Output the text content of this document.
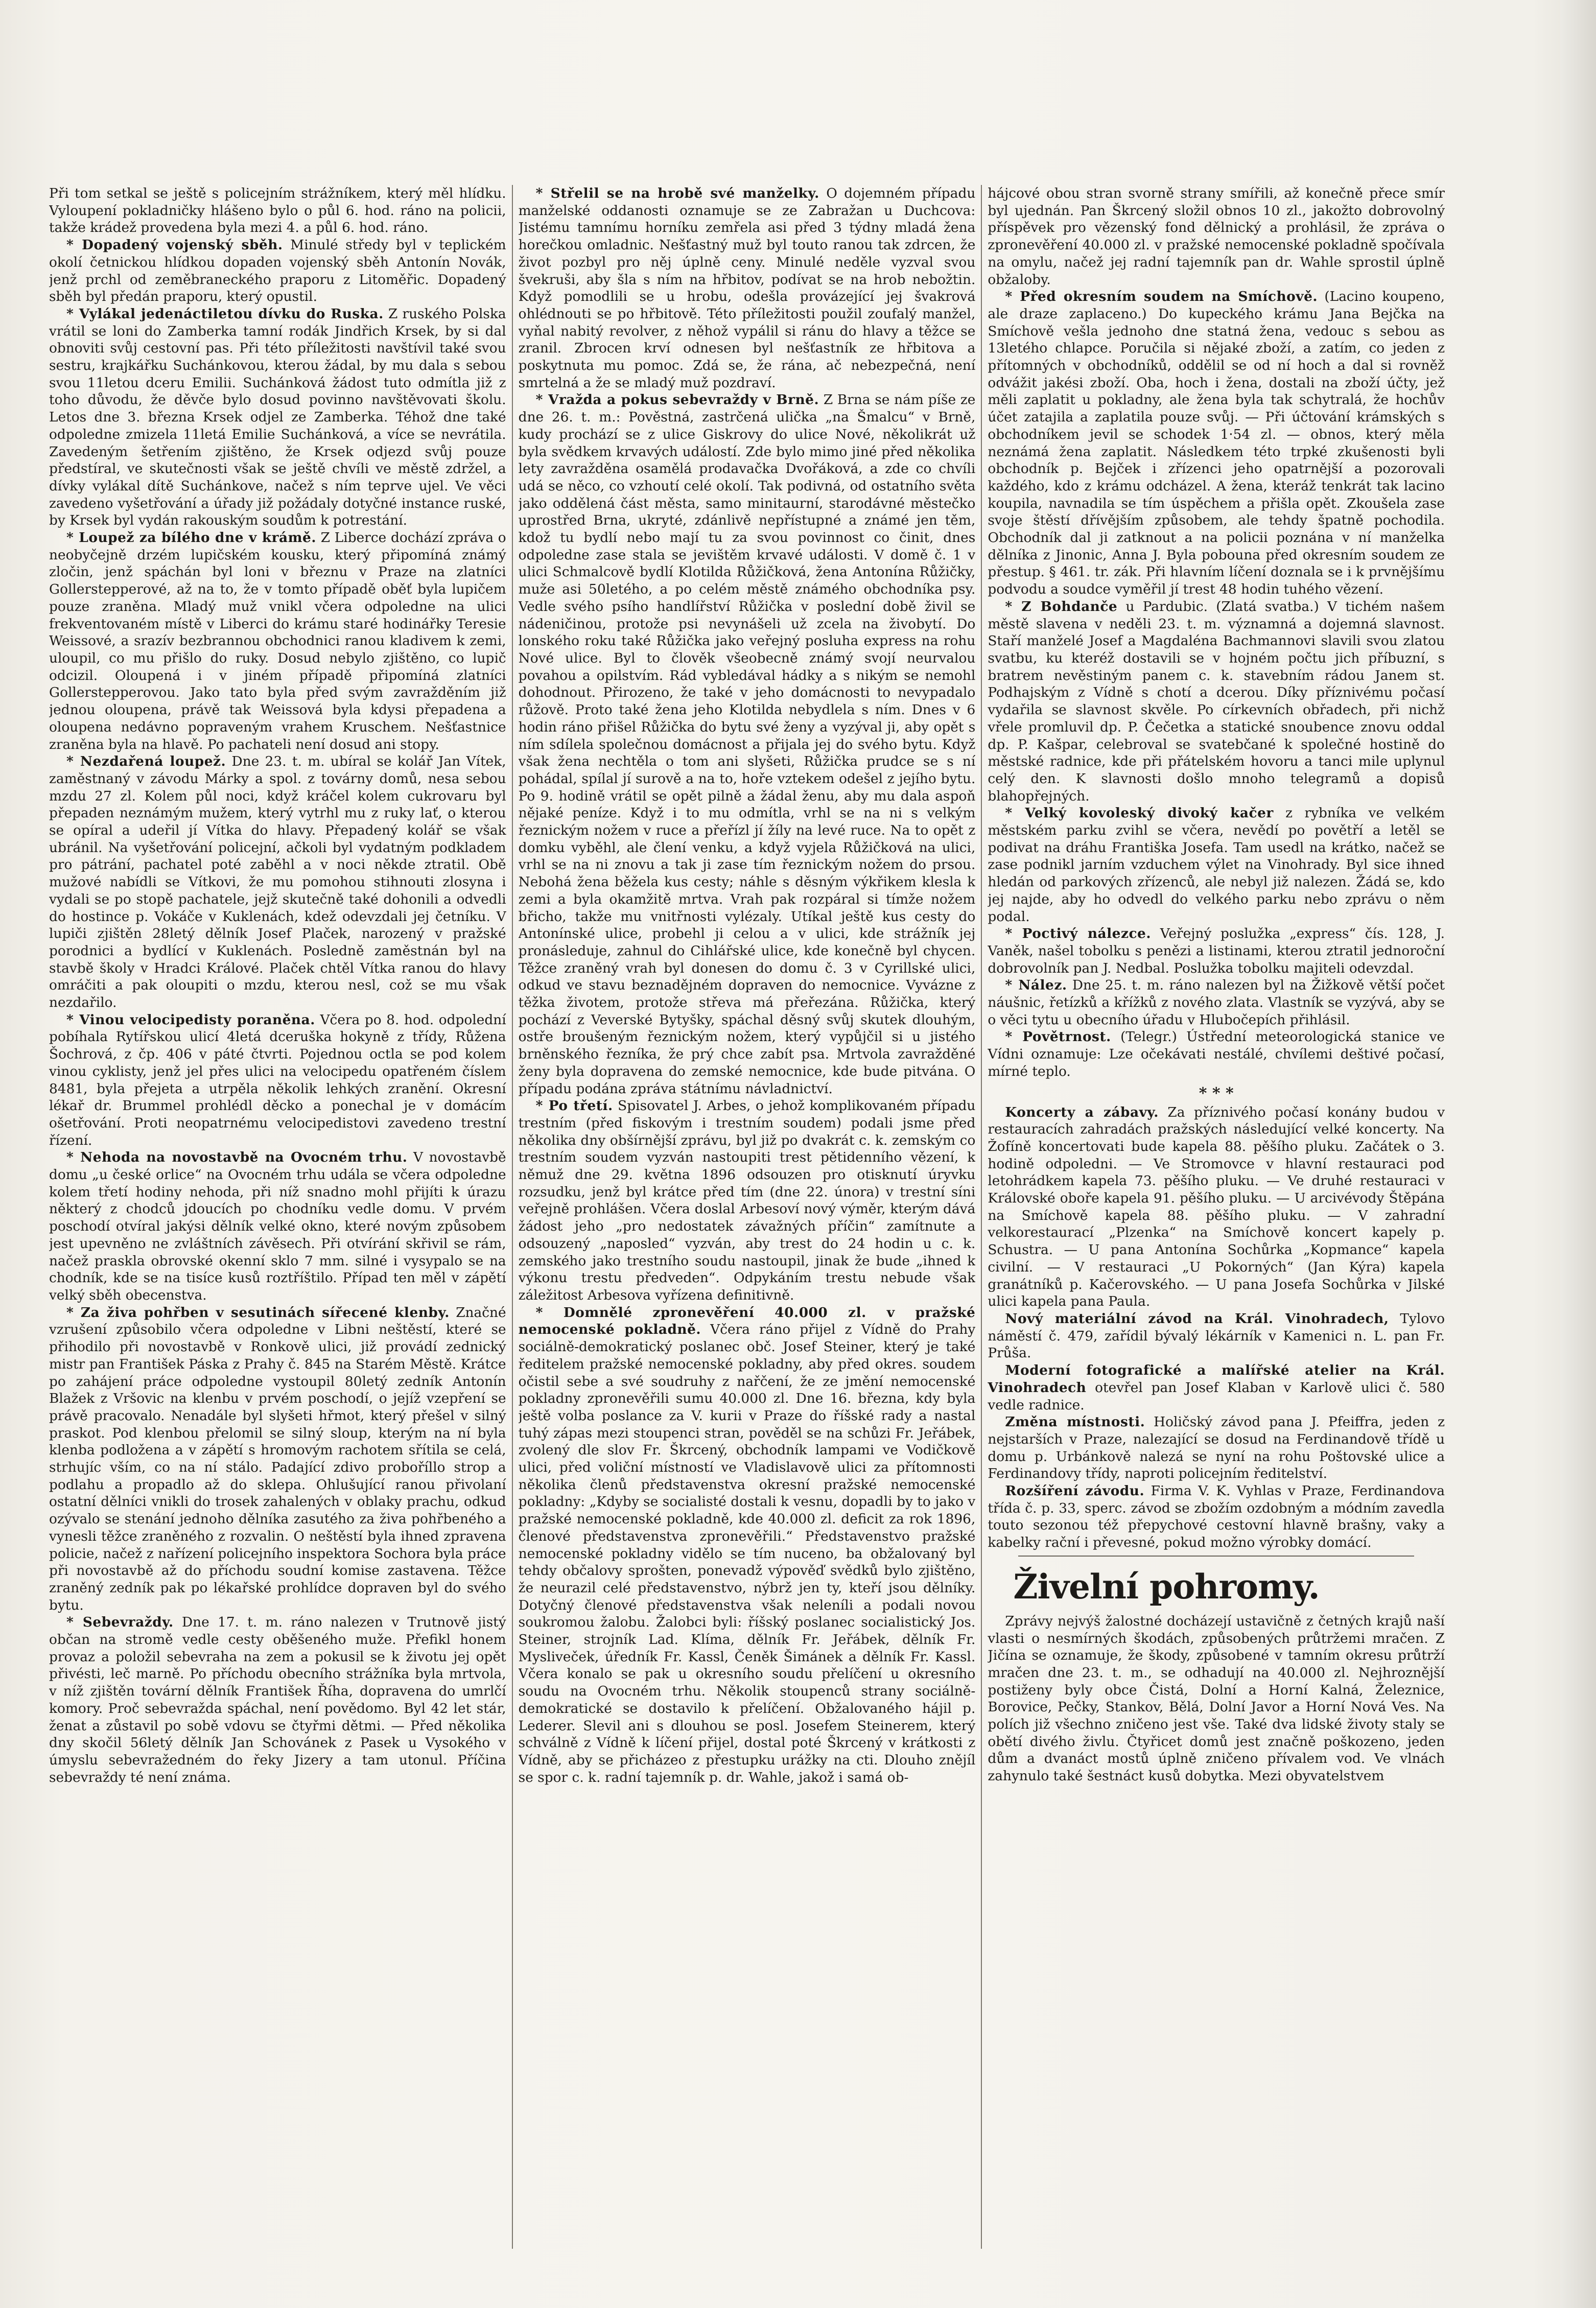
Při tom setkal se ještě s policejním strážníkem, který měl hlídku. Vyloupení pokladničky hlášeno bylo o půl 6. hod. ráno na policii, takže krádež provedena byla mezi 4. a půl 6. hod. ráno.

* Dopadený vojenský sběh. Minulé středy byl v teplickém okolí četnickou hlídkou dopaden vojenský sběh Antonín Novák, jenž prchl od zeměbraneckého praporu z Litoměřic. Dopadený sběh byl předán praporu, který opustil.

* Vylákal jedenáctiletou dívku do Ruska. Z ruského Polska vrátil se loni do Zamberka tamní rodák Jindřich Krsek, by si dal obnoviti svůj cestovní pas. Při této příležitosti navštívil také svou sestru, krajkářku Suchánkovou, kterou žádal, by mu dala s sebou svou 11letou dceru Emilii. Suchánková žádost tuto odmítla již z toho důvodu, že děvče bylo dosud povinno navštěvovati školu. Letos dne 3. března Krsek odjel ze Zamberka. Téhož dne také odpoledne zmizela 11letá Emilie Suchánková, a více se nevrátila. Zavedeným šetřením zjištěno, že Krsek odjezd svůj pouze předstíral, ve skutečnosti však se ještě chvíli ve městě zdržel, a dívky vylákal dítě Suchánkove, načež s ním teprve ujel. Ve věci zavedeno vyšetřování a úřady již požádaly dotyčné instance ruské, by Krsek byl vydán rakouským soudům k potrestání.

* Loupež za bílého dne v krámě. Z Liberce dochází zpráva o neobyčejně drzém lupičském kousku, který připomíná známý zločin, jenž spáchán byl loni v březnu v Praze na zlatníci Gollerstepperové, až na to, že v tomto případě oběť byla lupičem pouze zraněna. Mladý muž vnikl včera odpoledne na ulici frekventovaném místě v Liberci do krámu staré hodinářky Teresie Weissové, a srazív bezbrannou obchodnici ranou kladivem k zemi, uloupil, co mu přišlo do ruky. Dosud nebylo zjištěno, co lupič odcizil. Oloupená i v jiném případě připomíná zlatníci Gollerstepperovou. Jako tato byla před svým zavražděním již jednou oloupena, právě tak Weissová byla kdysi přepadena a oloupena nedávno popraveným vrahem Kruschem. Nešťastnice zraněna byla na hlavě. Po pachateli není dosud ani stopy.

* Nezdařená loupež. Dne 23. t. m. ubíral se kolář Jan Vítek, zaměstnaný v závodu Márky a spol. z továrny domů, nesa sebou mzdu 27 zl. Kolem půl noci, když kráčel kolem cukrovaru byl přepaden neznámým mužem, který vytrhl mu z ruky lať, o kterou se opíral a udeřil jí Vítka do hlavy. Přepadený kolář se však ubránil. Na vyšetřování policejní, ačkoli byl vydatným podkladem pro pátrání, pachatel poté zaběhl a v noci někde ztratil. Obě mužové nabídli se Vítkovi, že mu pomohou stihnouti zlosyna i vydali se po stopě pachatele, jejž skutečně také dohonili a odvedli do hostince p. Vokáče v Kuklenách, kdež odevzdali jej četníku. V lupiči zjištěn 28letý dělník Josef Plaček, narozený v pražské porodnici a bydlící v Kuklenách. Posledně zaměstnán byl na stavbě školy v Hradci Králové. Plaček chtěl Vítka ranou do hlavy omráčiti a pak oloupiti o mzdu, kterou nesl, což se mu však nezdařilo.

* Vinou velocipedisty poraněna. Včera po 8. hod. odpolední pobíhala Rytířskou ulicí 4letá dceruška hokyně z třídy, Růžena Šochrová, z čp. 406 v páté čtvrti. Pojednou octla se pod kolem vinou cyklisty, jenž jel přes ulici na velocipedu opatřeném číslem 8481, byla přejeta a utrpěla několik lehkých zranění. Okresní lékař dr. Brummel prohlédl děcko a ponechal je v domácím ošetřování. Proti neopatrnému velocipedistovi zavedeno trestní řízení.

* Nehoda na novostavbě na Ovocném trhu. V novostavbě domu „u české orlice“ na Ovocném trhu udála se včera odpoledne kolem třetí hodiny nehoda, při níž snadno mohl přijíti k úrazu některý z chodců jdoucích po chodníku vedle domu. V prvém poschodí otvíral jakýsi dělník velké okno, které novým způsobem jest upevněno ne zvláštních závěsech. Při otvírání skřivil se rám, načež praskla obrovské okenní sklo 7 mm. silné i vysypalo se na chodník, kde se na tisíce kusů roztříštilo. Případ ten měl v zápětí velký sběh obecenstva.

* Za živa pohřben v sesutinách sířecené klenby. Značné vzrušení způsobilo včera odpoledne v Libni neštěstí, které se přihodilo při novostavbě v Ronkově ulici, již provádí zednický mistr pan František Páska z Prahy č. 845 na Starém Městě. Krátce po zahájení práce odpoledne vystoupil 80letý zedník Antonín Blažek z Vršovic na klenbu v prvém poschodí, o jejíž vzepření se právě pracovalo. Nenadále byl slyšeti hřmot, který přešel v silný praskot. Pod klenbou přelomil se silný sloup, kterým na ní byla klenba podložena a v zápětí s hromovým rachotem sřítila se celá, strhujíc vším, co na ní stálo. Padající zdivo proboříllo strop a podlahu a propadlo až do sklepa. Ohlušující ranou přivolaní ostatní dělníci vnikli do trosek zahalených v oblaky prachu, odkud ozývalo se stenání jednoho dělníka zasutého za živa pohřbeného a vynesli těžce zraněného z rozvalin. O neštěstí byla ihned zpravena policie, načež z nařízení policejního inspektora Sochora byla práce při novostavbě až do příchodu soudní komise zastavena. Těžce zraněný zedník pak po lékařské prohlídce dopraven byl do svého bytu.

* Sebevraždy. Dne 17. t. m. ráno nalezen v Trutnově jistý občan na stromě vedle cesty oběšeného muže. Přefikl honem provaz a položil sebevraha na zem a pokusil se k životu jej opět přivésti, leč marně. Po příchodu obecního strážníka byla mrtvola, v níž zjištěn tovární dělník František Říha, dopravena do umrlčí komory. Proč sebevražda spáchal, není povědomo. Byl 42 let stár, ženat a zůstavil po sobě vdovu se čtyřmi dětmi. — Před několika dny skočil 56letý dělník Jan Schovánek z Pasek u Vysokého v úmyslu sebevražedném do řeky Jizery a tam utonul. Příčina sebevraždy té není známa.

* Střelil se na hrobě své manželky. O dojemném případu manželské oddanosti oznamuje se ze Zabražan u Duchcova: Jistému tamnímu horníku zemřela asi před 3 týdny mladá žena horečkou omladnic. Nešťastný muž byl touto ranou tak zdrcen, že život pozbyl pro něj úplně ceny. Minulé neděle vyzval svou švekruši, aby šla s ním na hřbitov, podívat se na hrob nebožtin. Když pomodlili se u hrobu, odešla provázející jej švakrová ohlédnouti se po hřbitově. Této příležitosti použil zoufalý manžel, vyňal nabitý revolver, z něhož vypálil si ránu do hlavy a těžce se zranil. Zbrocen krví odnesen byl nešťastník ze hřbitova a poskytnuta mu pomoc. Zdá se, že rána, ač nebezpečná, není smrtelná a že se mladý muž pozdraví.

* Vražda a pokus sebevraždy v Brně. Z Brna se nám píše ze dne 26. t. m.: Pověstná, zastrčená ulička „na Šmalcu“ v Brně, kudy prochází se z ulice Giskrovy do ulice Nové, několikrát už byla svědkem krvavých událostí. Zde bylo mimo jiné před několika lety zavražděna osamělá prodavačka Dvořáková, a zde co chvíli udá se něco, co vzhoutí celé okolí. Tak podivná, od ostatního světa jako oddělená část města, samo minitaurní, starodávné městečko uprostřed Brna, ukryté, zdánlivě nepřístupné a známé jen těm, kdož tu bydlí nebo mají tu za svou povinnost co činit, dnes odpoledne zase stala se jevištěm krvavé události. V domě č. 1 v ulici Schmalcově bydlí Klotilda Růžičková, žena Antonína Růžičky, muže asi 50letého, a po celém městě známého obchodníka psy. Vedle svého psího handlířství Růžička v poslední době živil se nádeničinou, protože psi nevynášeli už zcela na živobytí. Do lonského roku také Růžička jako veřejný posluha express na rohu Nové ulice. Byl to člověk všeobecně známý svojí neurvalou povahou a opilstvím. Rád vybledával hádky a s nikým se nemohl dohodnout. Přirozeno, že také v jeho domácnosti to nevypadalo růžově. Proto také žena jeho Klotilda nebydlela s ním. Dnes v 6 hodin ráno přišel Růžička do bytu své ženy a vyzýval ji, aby opět s ním sdílela společnou domácnost a přijala jej do svého bytu. Když však žena nechtěla o tom ani slyšeti, Růžička prudce se s ní pohádal, spílal jí surově a na to, hoře vztekem odešel z jejího bytu. Po 9. hodině vrátil se opět pilně a žádal ženu, aby mu dala aspoň nějaké peníze. Když i to mu odmítla, vrhl se na ni s velkým řeznickým nožem v ruce a přeřízl jí žíly na levé ruce. Na to opět z domku vyběhl, ale člení venku, a když vyjela Růžičková na ulici, vrhl se na ni znovu a tak ji zase tím řeznickým nožem do prsou. Nebohá žena běžela kus cesty; náhle s děsným výkřikem klesla k zemi a byla okamžitě mrtva. Vrah pak rozpáral si tímže nožem břicho, takže mu vnitřnosti vylézaly. Utíkal ještě kus cesty do Antonínské ulice, probehl ji celou a v ulici, kde strážník jej pronásleduje, zahnul do Cihlářské ulice, kde konečně byl chycen. Těžce zraněný vrah byl donesen do domu č. 3 v Cyrillské ulici, odkud ve stavu beznadějném dopraven do nemocnice. Vyvázne z těžka životem, protože střeva má přeřezána. Růžička, který pochází z Veverské Bytyšky, spáchal děsný svůj skutek dlouhým, ostře broušeným řeznickým nožem, který vypůjčil si u jistého brněnského řezníka, že prý chce zabít psa. Mrtvola zavražděné ženy byla dopravena do zemské nemocnice, kde bude pitvána. O případu podána zpráva státnímu návladnictví.

* Po třetí. Spisovatel J. Arbes, o jehož komplikovaném případu trestním (před fiskovým i trestním soudem) podali jsme před několika dny obšírnější zprávu, byl již po dvakrát c. k. zemským co trestním soudem vyzván nastoupiti trest pětidenního vězení, k němuž dne 29. května 1896 odsouzen pro otisknutí úryvku rozsudku, jenž byl krátce před tím (dne 22. února) v trestní síni veřejně prohlášen. Včera doslal Arbesoví nový výměr, kterým dává žádost jeho „pro nedostatek závažných příčin“ zamítnute a odsouzený „naposled“ vyzván, aby trest do 24 hodin u c. k. zemského jako trestního soudu nastoupil, jinak že bude „ihned k výkonu trestu předveden“. Odpykáním trestu nebude však záležitost Arbesova vyřízena definitivně.

* Domnělé zpronevěření 40.000 zl. v pražské nemocenské pokladně. Včera ráno přijel z Vídně do Prahy sociálně-demokratický poslanec obč. Josef Steiner, který je také ředitelem pražské nemocenské pokladny, aby před okres. soudem očistil sebe a své soudruhy z nařčení, že ze jmění nemocenské pokladny zpronevěřili sumu 40.000 zl. Dne 16. března, kdy byla ještě volba poslance za V. kurii v Praze do říšské rady a nastal tuhý zápas mezi stoupenci stran, pověděl se na schůzi Fr. Jeřábek, zvolený dle slov Fr. Škrcený, obchodník lampami ve Vodičkově ulici, před voliční místností ve Vladislavově ulici za přítomnosti několika členů představenstva okresní pražské nemocenské pokladny: „Kdyby se socialisté dostali k vesnu, dopadli by to jako v pražské nemocenské pokladně, kde 40.000 zl. deficit za rok 1896, členové představenstva zpronevěřili.“ Představenstvo pražské nemocenské pokladny vidělo se tím nuceno, ba obžalovaný byl tehdy občalovy sprošten, ponevadž výpověď svědků bylo zjištěno, že neurazil celé představenstvo, nýbrž jen ty, kteří jsou dělníky. Dotyčný členové představenstva však neleníli a podali novou soukromou žalobu. Žalobci byli: říšský poslanec socialistický Jos. Steiner, strojník Lad. Klíma, dělník Fr. Jeřábek, dělník Fr. Mysliveček, úředník Fr. Kassl, Čeněk Šimánek a dělník Fr. Kassl. Včera konalo se pak u okresního soudu přelíčení u okresního soudu na Ovocném trhu. Několik stoupenců strany sociálně-demokratické se dostavilo k přelíčení. Obžalovaného hájil p. Lederer. Slevil ani s dlouhou se posl. Josefem Steinerem, který schválně z Vídně k líčení přijel, dostal poté Škrcený v krátkosti z Vídně, aby se přicházeo z přestupku urážky na cti. Dlouho znějíl se spor c. k. radní tajemník p. dr. Wahle, jakož i samá ob-

hájcové obou stran svorně strany smířili, až konečně přece smír byl ujednán. Pan Škrcený složil obnos 10 zl., jakožto dobrovolný příspěvek pro vězenský fond dělnický a prohlásil, že zpráva o zpronevěření 40.000 zl. v pražské nemocenské pokladně spočívala na omylu, načež jej radní tajemník pan dr. Wahle sprostil úplně obžaloby.

* Před okresním soudem na Smíchově. (Lacino koupeno, ale draze zaplaceno.) Do kupeckého krámu Jana Bejčka na Smíchově vešla jednoho dne statná žena, vedouc s sebou as 13letého chlapce. Poručila si nějaké zboží, a zatím, co jeden z přítomných v obchodníků, oddělil se od ní hoch a dal si rovněž odvážit jakési zboží. Oba, hoch i žena, dostali na zboží účty, jež měli zaplatit u pokladny, ale žena byla tak schytralá, že hochův účet zatajila a zaplatila pouze svůj. — Při účtování krámských s obchodníkem jevil se schodek 1·54 zl. — obnos, který měla neznámá žena zaplatit. Následkem této trpké zkušenosti byli obchodník p. Bejček i zřízenci jeho opatrnější a pozorovali každého, kdo z krámu odcházel. A žena, kteráž tenkrát tak lacino koupila, navnadila se tím úspěchem a přišla opět. Zkoušela zase svoje štěstí dřívějším způsobem, ale tehdy špatně pochodila. Obchodník dal ji zatknout a na policii poznána v ní manželka dělníka z Jinonic, Anna J. Byla pobouna před okresním soudem ze přestup. § 461. tr. zák. Při hlavním líčení doznala se i k prvnějšímu podvodu a soudce vyměřil jí trest 48 hodin tuhého vězení.

* Z Bohdanče u Pardubic. (Zlatá svatba.) V tichém našem městě slavena v neděli 23. t. m. významná a dojemná slavnost. Staří manželé Josef a Magdaléna Bachmannovi slavili svou zlatou svatbu, ku kteréž dostavili se v hojném počtu jich příbuzní, s bratrem nevěstiným panem c. k. stavebním rádou Janem st. Podhajským z Vídně s chotí a dcerou. Díky příznivému počasí vydařila se slavnost skvěle. Po církevních obřadech, při nichž vřele promluvil dp. P. Čečetka a statické snoubence znovu oddal dp. P. Kašpar, celebroval se svatebčané k společné hostině do městské radnice, kde při přátelském hovoru a tanci mile uplynul celý den. K slavnosti došlo mnoho telegramů a dopisů blahopřejných.

* Velký kovoleský divoký kačer z rybníka ve velkém městském parku zvihl se včera, nevědí po povětří a letěl se podivat na dráhu Františka Josefa. Tam usedl na krátko, načež se zase podnikl jarním vzduchem výlet na Vinohrady. Byl sice ihned hledán od parkových zřízenců, ale nebyl již nalezen. Žádá se, kdo jej najde, aby ho odvedl do velkého parku nebo zprávu o něm podal.

* Poctivý nálezce. Veřejný poslužka „express“ čís. 128, J. Vaněk, našel tobolku s penězi a listinami, kterou ztratil jednoroční dobrovolník pan J. Nedbal. Poslužka tobolku majiteli odevzdal.

* Nález. Dne 25. t. m. ráno nalezen byl na Žižkově větší počet náušnic, řetízků a křížků z nového zlata. Vlastník se vyzývá, aby se o věci tytu u obecního úřadu v Hlubočepích přihlásil.

* Povětrnost. (Telegr.) Ústřední meteorologická stanice ve Vídni oznamuje: Lze očekávati nestálé, chvílemi deštivé počasí, mírné teplo.

* * *

Koncerty a zábavy. Za příznivého počasí konány budou v restauracích zahradách pražských následující velké koncerty. Na Žofíně koncertovati bude kapela 88. pěšího pluku. Začátek o 3. hodině odpoledni. — Ve Stromovce v hlavní restauraci pod letohrádkem kapela 73. pěšího pluku. — Ve druhé restauraci v Královské oboře kapela 91. pěšího pluku. — U arcivévody Štěpána na Smíchově kapela 88. pěšího pluku. — V zahradní velkorestaurací „Plzenka“ na Smíchově koncert kapely p. Schustra. — U pana Antonína Sochůrka „Kopmance“ kapela civilní. — V restauraci „U Pokorných“ (Jan Kýra) kapela granátníků p. Kačerovského. — U pana Josefa Sochůrka v Jilské ulici kapela pana Paula.

Nový materiální závod na Král. Vinohradech, Tylovo náměstí č. 479, zařídil bývalý lékárník v Kamenici n. L. pan Fr. Průša.

Moderní fotografické a malířské atelier na Král. Vinohradech otevřel pan Josef Klaban v Karlově ulici č. 580 vedle radnice.

Změna místnosti. Holičský závod pana J. Pfeiffra, jeden z nejstarších v Praze, nalezající se dosud na Ferdinandově třídě u domu p. Urbánkově nalezá se nyní na rohu Poštovské ulice a Ferdinandovy třídy, naproti policejním ředitelství.

Rozšíření závodu. Firma V. K. Vyhlas v Praze, Ferdinandova třída č. p. 33, sperc. závod se zbožím ozdobným a módním zavedla touto sezonou též přepychové cestovní hlavně brašny, vaky a kabelky rační i převesné, pokud možno výrobky domácí.

Živelní pohromy.

Zprávy nejvýš žalostné docházejí ustavičně z četných krajů naší vlasti o nesmírných škodách, způsobených průtržemi mračen. Z Jičína se oznamuje, že škody, způsobené v tamním okresu průtrží mračen dne 23. t. m., se odhadují na 40.000 zl. Nejhroznější postiženy byly obce Čistá, Dolní a Horní Kalná, Železnice, Borovice, Pečky, Stankov, Bělá, Dolní Javor a Horní Nová Ves. Na polích již všechno zničeno jest vše. Také dva lidské životy staly se obětí divého živlu. Čtyřicet domů jest značně poškozeno, jeden dům a dvanáct mostů úplně zničeno přívalem vod. Ve vlnách zahynulo také šestnáct kusů dobytka. Mezi obyvatelstvem
